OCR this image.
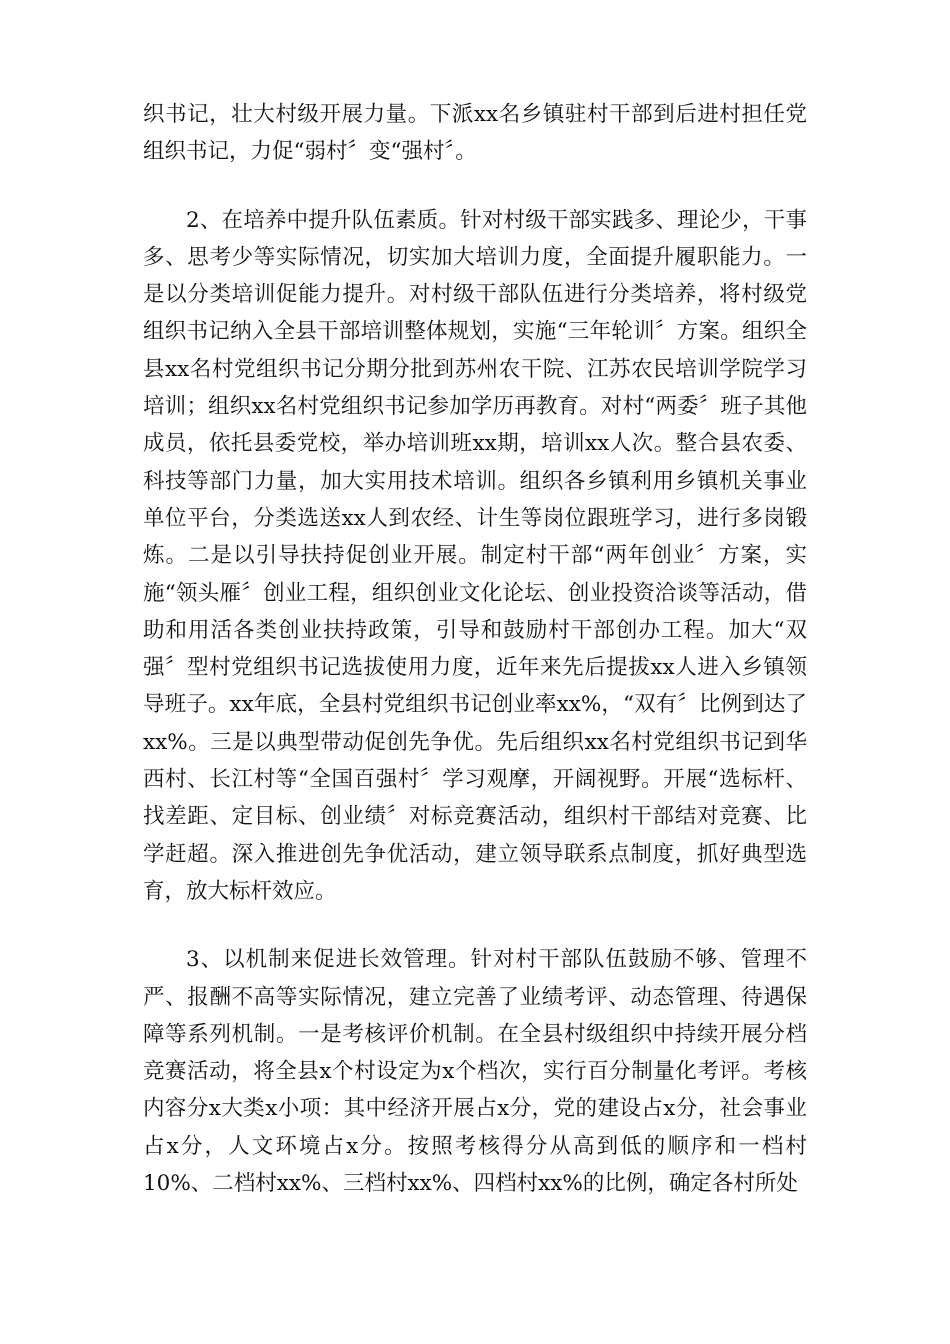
织书记，壮大村级开展力量。下派xx名乡镇驻村干部到后进村担任党组织书记，力促“弱村〞变“强村〞。

2、在培养中提升队伍素质。针对村级干部实践多、理论少，干事多、思考少等实际情况，切实加大培训力度，全面提升履职能力。一是以分类培训促能力提升。对村级干部队伍进行分类培养，将村级党组织书记纳入全县干部培训整体规划，实施“三年轮训〞方案。组织全县xx名村党组织书记分期分批到苏州农干院、江苏农民培训学院学习培训；组织xx名村党组织书记参加学历再教育。对村“两委〞班子其他成员，依托县委党校，举办培训班xx期，培训xx人次。整合县农委、科技等部门力量，加大实用技术培训。组织各乡镇利用乡镇机关事业单位平台，分类选送xx人到农经、计生等岗位跟班学习，进行多岗锻炼。二是以引导扶持促创业开展。制定村干部“两年创业〞方案，实施“领头雁〞创业工程，组织创业文化论坛、创业投资洽谈等活动，借助和用活各类创业扶持政策，引导和鼓励村干部创办工程。加大“双强〞型村党组织书记选拔使用力度，近年来先后提拔xx人进入乡镇领导班子。xx年底，全县村党组织书记创业率xx%，“双有〞比例到达了xx%。三是以典型带动促创先争优。先后组织xx名村党组织书记到华西村、长江村等“全国百强村〞学习观摩，开阔视野。开展“选标杆、找差距、定目标、创业绩〞对标竞赛活动，组织村干部结对竞赛、比学赶超。深入推进创先争优活动，建立领导联系点制度，抓好典型选育，放大标杆效应。

3、以机制来促进长效管理。针对村干部队伍鼓励不够、管理不严、报酬不高等实际情况，建立完善了业绩考评、动态管理、待遇保障等系列机制。一是考核评价机制。在全县村级组织中持续开展分档竞赛活动，将全县x个村设定为x个档次，实行百分制量化考评。考核内容分x大类x小项：其中经济开展占x分，党的建设占x分，社会事业占x分，人文环境占x分。按照考核得分从高到低的顺序和一档村10%、二档村xx%、三档村xx%、四档村xx%的比例，确定各村所处
